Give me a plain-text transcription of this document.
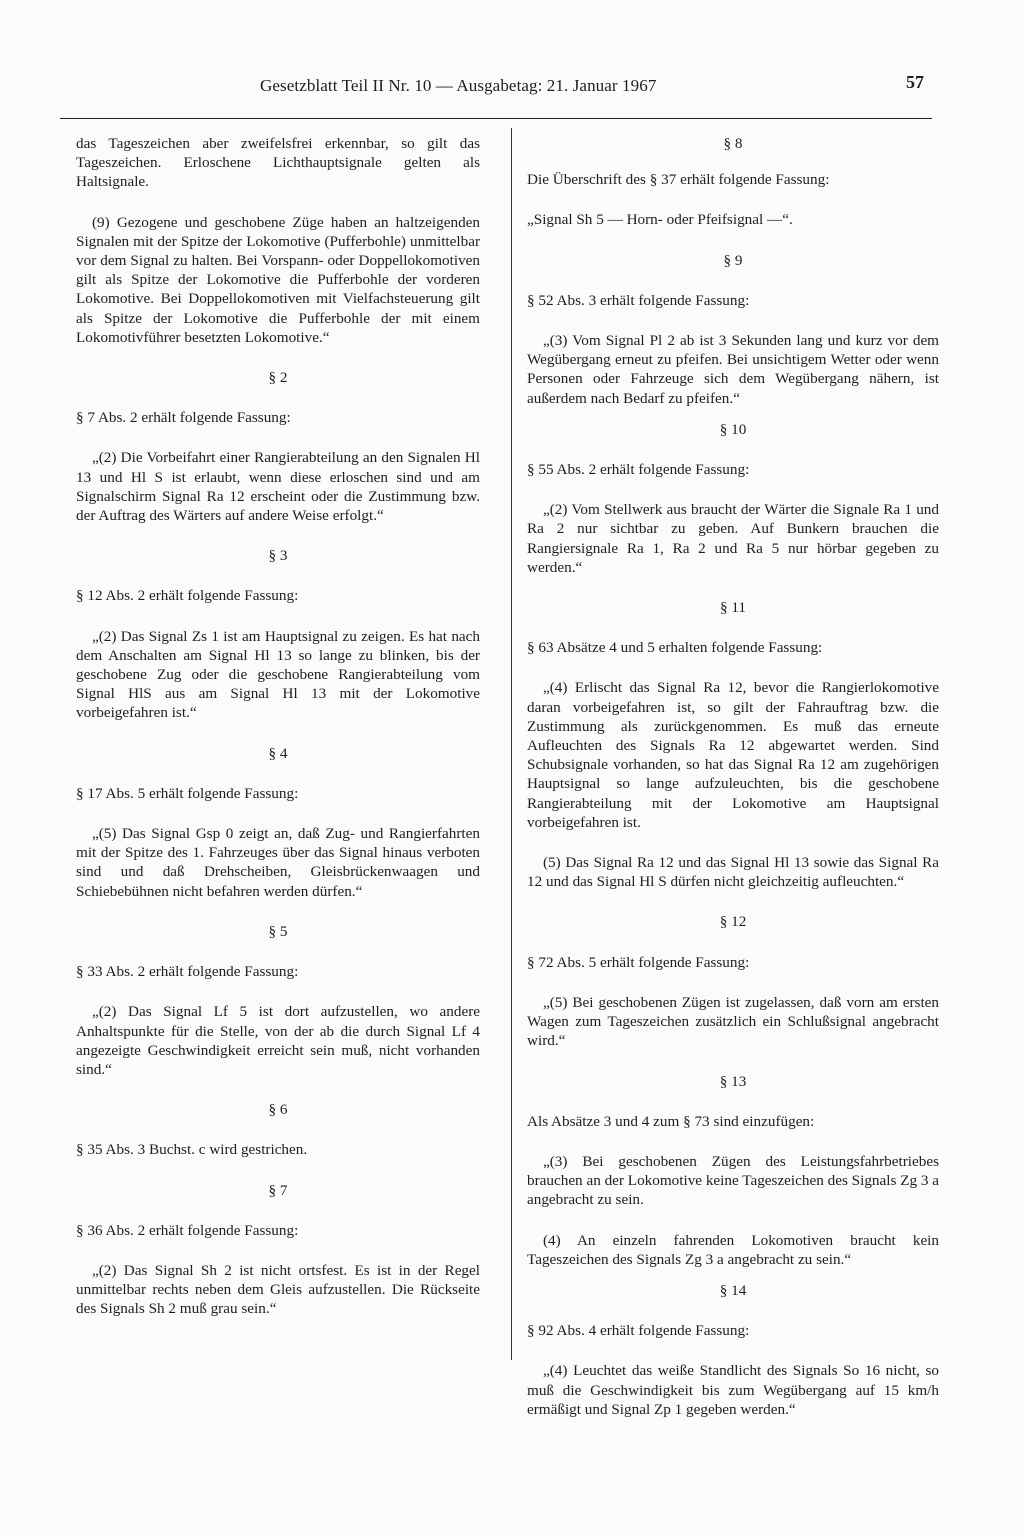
Gesetzblatt Teil II Nr. 10 — Ausgabetag: 21. Januar 1967	57

das Tageszeichen aber zweifelsfrei erkennbar, so gilt das Tageszeichen. Erloschene Lichthauptsignale gelten als Haltsignale.

(9) Gezogene und geschobene Züge haben an haltzeigenden Signalen mit der Spitze der Lokomotive (Pufferbohle) unmittelbar vor dem Signal zu halten. Bei Vorspann- oder Doppellokomotiven gilt als Spitze der Lokomotive die Pufferbohle der vorderen Lokomotive. Bei Doppellokomotiven mit Vielfachsteuerung gilt als Spitze der Lokomotive die Pufferbohle der mit einem Lokomotivführer besetzten Lokomotive.“

§ 2

§ 7 Abs. 2 erhält folgende Fassung:

„(2) Die Vorbeifahrt einer Rangierabteilung an den Signalen Hl 13 und Hl S ist erlaubt, wenn diese erloschen sind und am Signalschirm Signal Ra 12 erscheint oder die Zustimmung bzw. der Auftrag des Wärters auf andere Weise erfolgt.“

§ 3

§ 12 Abs. 2 erhält folgende Fassung:

„(2) Das Signal Zs 1 ist am Hauptsignal zu zeigen. Es hat nach dem Anschalten am Signal Hl 13 so lange zu blinken, bis der geschobene Zug oder die geschobene Rangierabteilung vom Signal HlS aus am Signal Hl 13 mit der Lokomotive vorbeigefahren ist.“

§ 4

§ 17 Abs. 5 erhält folgende Fassung:

„(5) Das Signal Gsp 0 zeigt an, daß Zug- und Rangierfahrten mit der Spitze des 1. Fahrzeuges über das Signal hinaus verboten sind und daß Drehscheiben, Gleisbrückenwaagen und Schiebebühnen nicht befahren werden dürfen.“

§ 5

§ 33 Abs. 2 erhält folgende Fassung:

„(2) Das Signal Lf 5 ist dort aufzustellen, wo andere Anhaltspunkte für die Stelle, von der ab die durch Signal Lf 4 angezeigte Geschwindigkeit erreicht sein muß, nicht vorhanden sind.“

§ 6

§ 35 Abs. 3 Buchst. c wird gestrichen.

§ 7

§ 36 Abs. 2 erhält folgende Fassung:

„(2) Das Signal Sh 2 ist nicht ortsfest. Es ist in der Regel unmittelbar rechts neben dem Gleis aufzustellen. Die Rückseite des Signals Sh 2 muß grau sein.“

§ 8

Die Überschrift des § 37 erhält folgende Fassung:

„Signal Sh 5 — Horn- oder Pfeifsignal —“.

§ 9

§ 52 Abs. 3 erhält folgende Fassung:

„(3) Vom Signal Pl 2 ab ist 3 Sekunden lang und kurz vor dem Wegübergang erneut zu pfeifen. Bei unsichtigem Wetter oder wenn Personen oder Fahrzeuge sich dem Wegübergang nähern, ist außerdem nach Bedarf zu pfeifen.“

§ 10

§ 55 Abs. 2 erhält folgende Fassung:

„(2) Vom Stellwerk aus braucht der Wärter die Signale Ra 1 und Ra 2 nur sichtbar zu geben. Auf Bunkern brauchen die Rangiersignale Ra 1, Ra 2 und Ra 5 nur hörbar gegeben zu werden.“

§ 11

§ 63 Absätze 4 und 5 erhalten folgende Fassung:

„(4) Erlischt das Signal Ra 12, bevor die Rangierlokomotive daran vorbeigefahren ist, so gilt der Fahrauftrag bzw. die Zustimmung als zurückgenommen. Es muß das erneute Aufleuchten des Signals Ra 12 abgewartet werden. Sind Schubsignale vorhanden, so hat das Signal Ra 12 am zugehörigen Hauptsignal so lange aufzuleuchten, bis die geschobene Rangierabteilung mit der Lokomotive am Hauptsignal vorbeigefahren ist.

(5) Das Signal Ra 12 und das Signal Hl 13 sowie das Signal Ra 12 und das Signal Hl S dürfen nicht gleichzeitig aufleuchten.“

§ 12

§ 72 Abs. 5 erhält folgende Fassung:

„(5) Bei geschobenen Zügen ist zugelassen, daß vorn am ersten Wagen zum Tageszeichen zusätzlich ein Schlußsignal angebracht wird.“

§ 13

Als Absätze 3 und 4 zum § 73 sind einzufügen:

„(3) Bei geschobenen Zügen des Leistungsfahrbetriebes brauchen an der Lokomotive keine Tageszeichen des Signals Zg 3 a angebracht zu sein.

(4) An einzeln fahrenden Lokomotiven braucht kein Tageszeichen des Signals Zg 3 a angebracht zu sein.“

§ 14

§ 92 Abs. 4 erhält folgende Fassung:

„(4) Leuchtet das weiße Standlicht des Signals So 16 nicht, so muß die Geschwindigkeit bis zum Wegübergang auf 15 km/h ermäßigt und Signal Zp 1 gegeben werden.“
